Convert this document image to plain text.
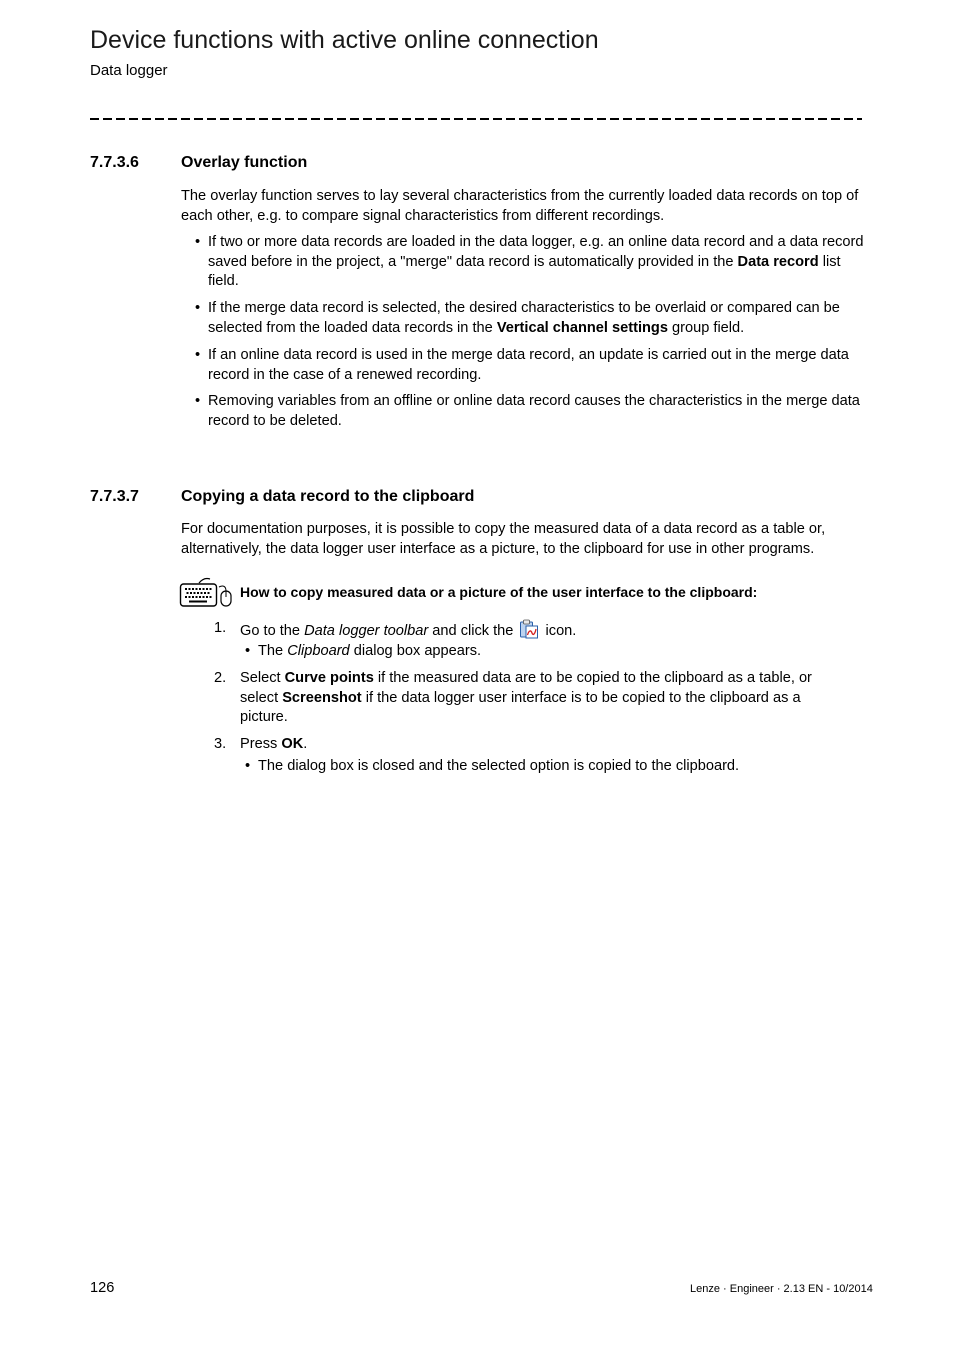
Device functions with active online connection
Data logger
7.7.3.6	Overlay function
The overlay function serves to lay several characteristics from the currently loaded data records on top of each other, e.g. to compare signal characteristics from different recordings.
• If two or more data records are loaded in the data logger, e.g. an online data record and a data record saved before in the project, a "merge" data record is automatically provided in the Data record list field.
• If the merge data record is selected, the desired characteristics to be overlaid or compared can be selected from the loaded data records in the Vertical channel settings group field.
• If an online data record is used in the merge data record, an update is carried out in the merge data record in the case of a renewed recording.
• Removing variables from an offline or online data record causes the characteristics in the merge data record to be deleted.
7.7.3.7	Copying a data record to the clipboard
For documentation purposes, it is possible to copy the measured data of a data record as a table or, alternatively, the data logger user interface as a picture, to the clipboard for use in other programs.
How to copy measured data or a picture of the user interface to the clipboard:
1. Go to the Data logger toolbar and click the  icon.
• The Clipboard dialog box appears.
2. Select Curve points if the measured data are to be copied to the clipboard as a table, or select Screenshot if the data logger user interface is to be copied to the clipboard as a picture.
3. Press OK.
• The dialog box is closed and the selected option is copied to the clipboard.
126	Lenze · Engineer · 2.13 EN - 10/2014
